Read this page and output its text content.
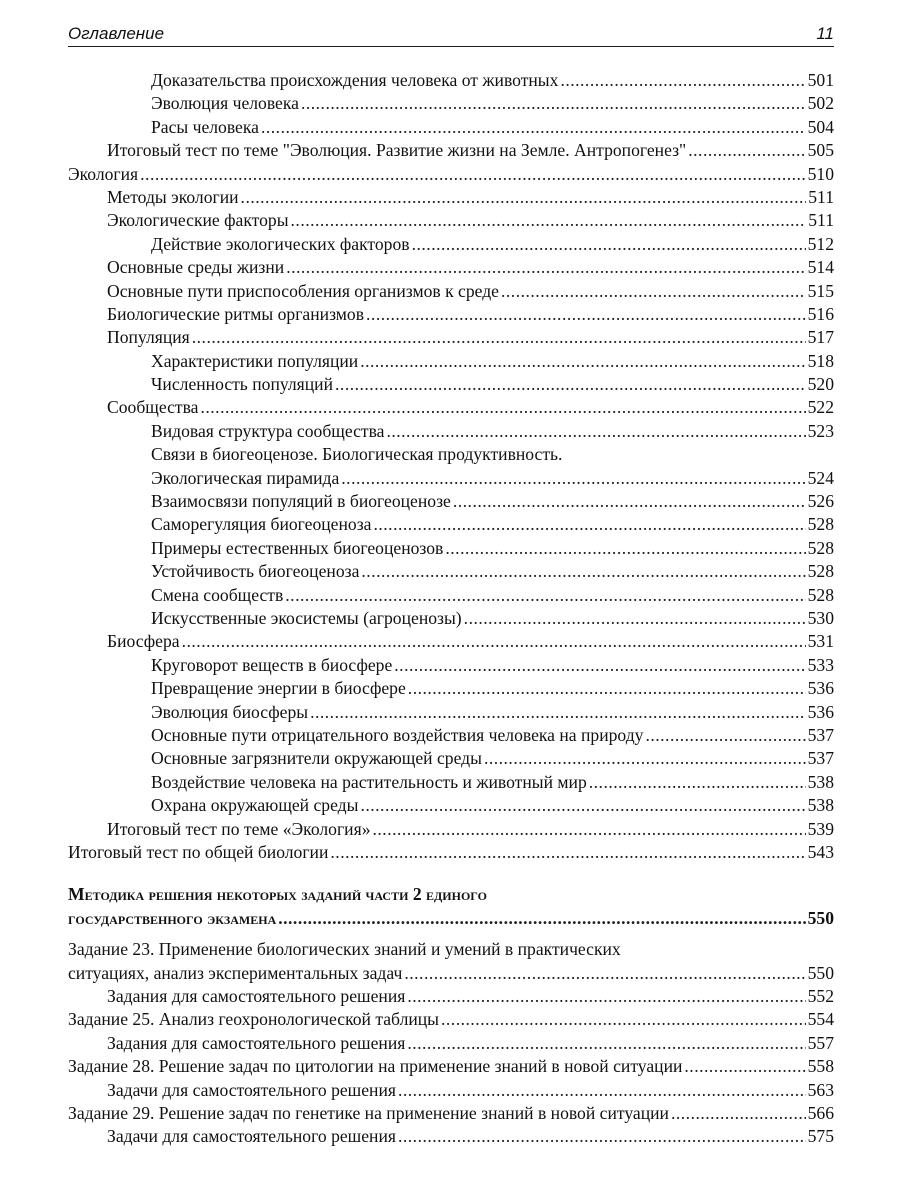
Оглавление	11
Доказательства происхождения человека от животных .....	501
Эволюция человека .....	502
Расы человека .....	504
Итоговый тест по теме "Эволюция. Развитие жизни на Земле. Антропогенез" .....	505
Экология .....	510
Методы экологии .....	511
Экологические факторы .....	511
Действие экологических факторов .....	512
Основные среды жизни .....	514
Основные пути приспособления организмов к среде .....	515
Биологические ритмы организмов .....	516
Популяция .....	517
Характеристики популяции .....	518
Численность популяций .....	520
Сообщества .....	522
Видовая структура сообщества .....	523
Связи в биогеоценозе. Биологическая продуктивность.
Экологическая пирамида .....	524
Взаимосвязи популяций в биогеоценозе .....	526
Саморегуляция биогеоценоза .....	528
Примеры естественных биогеоценозов .....	528
Устойчивость биогеоценоза .....	528
Смена сообществ .....	528
Искусственные экосистемы (агроценозы) .....	530
Биосфера .....	531
Круговорот веществ в биосфере .....	533
Превращение энергии в биосфере .....	536
Эволюция биосферы .....	536
Основные пути отрицательного воздействия человека на природу .....	537
Основные загрязнители окружающей среды .....	537
Воздействие человека на растительность и животный мир .....	538
Охрана окружающей среды .....	538
Итоговый тест по теме «Экология» .....	539
Итоговый тест по общей биологии .....	543
Методика решения некоторых заданий части 2 единого
государственного экзамена .....	550
Задание 23. Применение биологических знаний и умений в практических
ситуациях, анализ экспериментальных задач .....	550
Задания для самостоятельного решения .....	552
Задание 25. Анализ геохронологической таблицы .....	554
Задания для самостоятельного решения .....	557
Задание 28. Решение задач по цитологии на применение знаний в новой ситуации .....	558
Задачи для самостоятельного решения .....	563
Задание 29. Решение задач по генетике на применение знаний в новой ситуации .....	566
Задачи для самостоятельного решения .....	575
